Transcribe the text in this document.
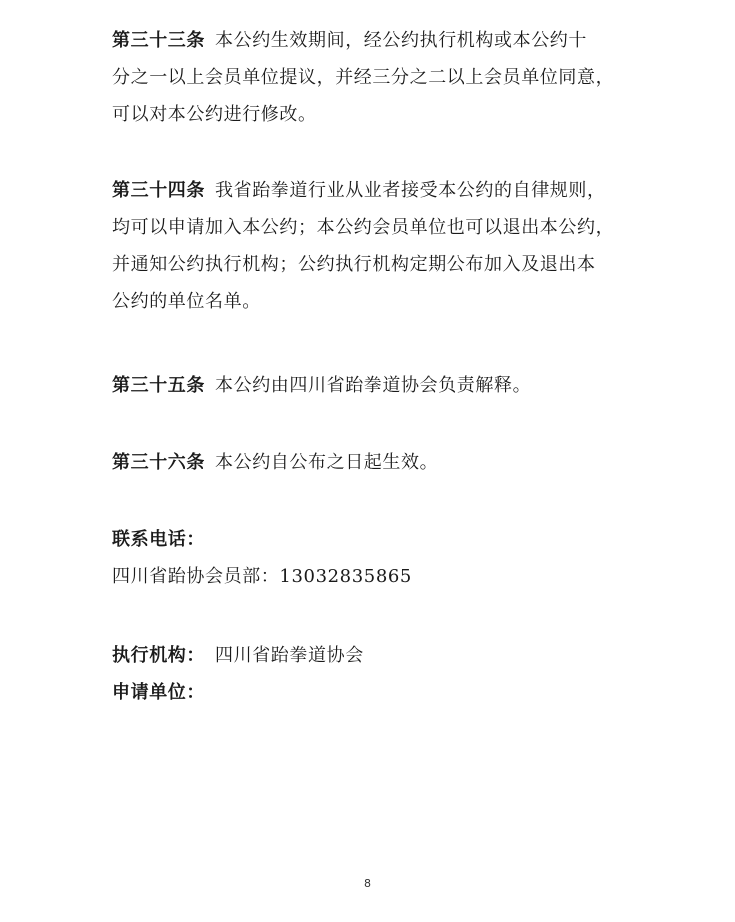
第三十三条 本公约生效期间，经公约执行机构或本公约十
分之一以上会员单位提议，并经三分之二以上会员单位同意，
可以对本公约进行修改。
第三十四条 我省跆拳道行业从业者接受本公约的自律规则，
均可以申请加入本公约；本公约会员单位也可以退出本公约，
并通知公约执行机构；公约执行机构定期公布加入及退出本
公约的单位名单。
第三十五条 本公约由四川省跆拳道协会负责解释。
第三十六条 本公约自公布之日起生效。
联系电话：
四川省跆协会员部：13032835865
执行机构： 四川省跆拳道协会
申请单位：
8
